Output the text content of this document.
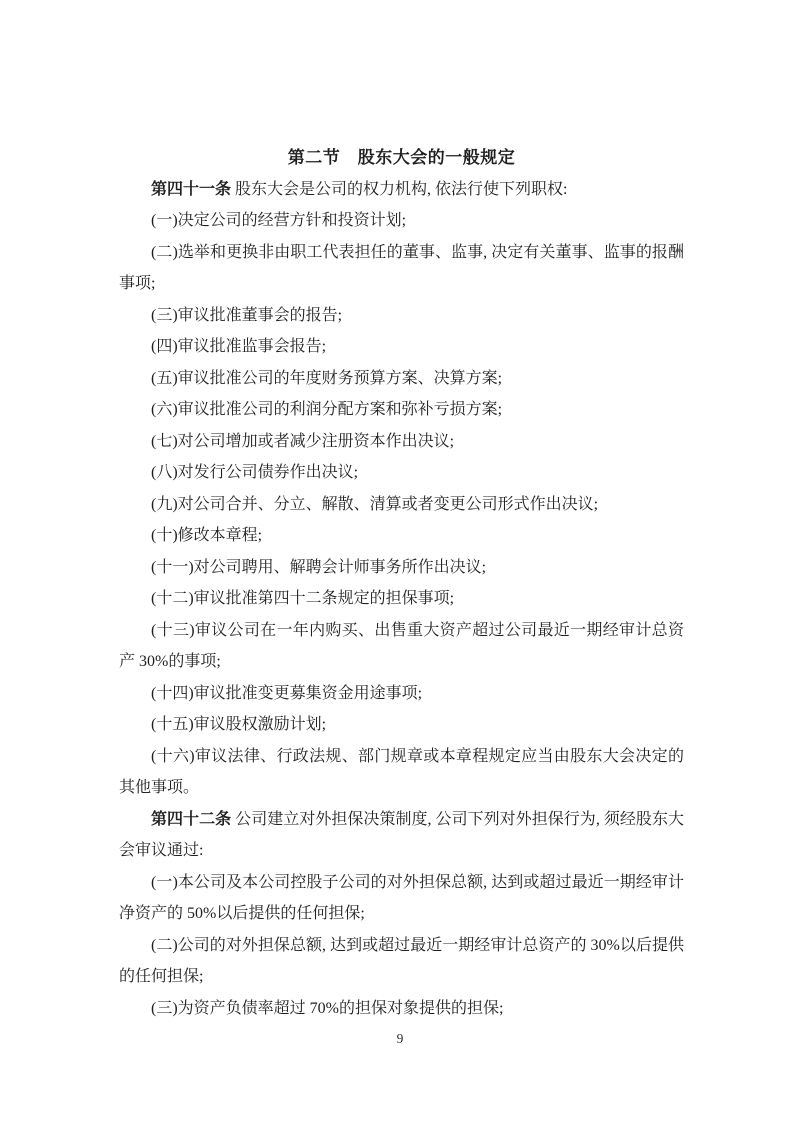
第二节　股东大会的一般规定

第四十一条 股东大会是公司的权力机构, 依法行使下列职权:

(一)决定公司的经营方针和投资计划;

(二)选举和更换非由职工代表担任的董事、监事, 决定有关董事、监事的报酬事项;

(三)审议批准董事会的报告;

(四)审议批准监事会报告;

(五)审议批准公司的年度财务预算方案、决算方案;

(六)审议批准公司的利润分配方案和弥补亏损方案;

(七)对公司增加或者减少注册资本作出决议;

(八)对发行公司债券作出决议;

(九)对公司合并、分立、解散、清算或者变更公司形式作出决议;

(十)修改本章程;

(十一)对公司聘用、解聘会计师事务所作出决议;

(十二)审议批准第四十二条规定的担保事项;

(十三)审议公司在一年内购买、出售重大资产超过公司最近一期经审计总资产 30%的事项;

(十四)审议批准变更募集资金用途事项;

(十五)审议股权激励计划;

(十六)审议法律、行政法规、部门规章或本章程规定应当由股东大会决定的其他事项。

第四十二条 公司建立对外担保决策制度, 公司下列对外担保行为, 须经股东大会审议通过:

(一)本公司及本公司控股子公司的对外担保总额, 达到或超过最近一期经审计净资产的 50%以后提供的任何担保;

(二)公司的对外担保总额, 达到或超过最近一期经审计总资产的 30%以后提供的任何担保;

(三)为资产负债率超过 70%的担保对象提供的担保;

9
